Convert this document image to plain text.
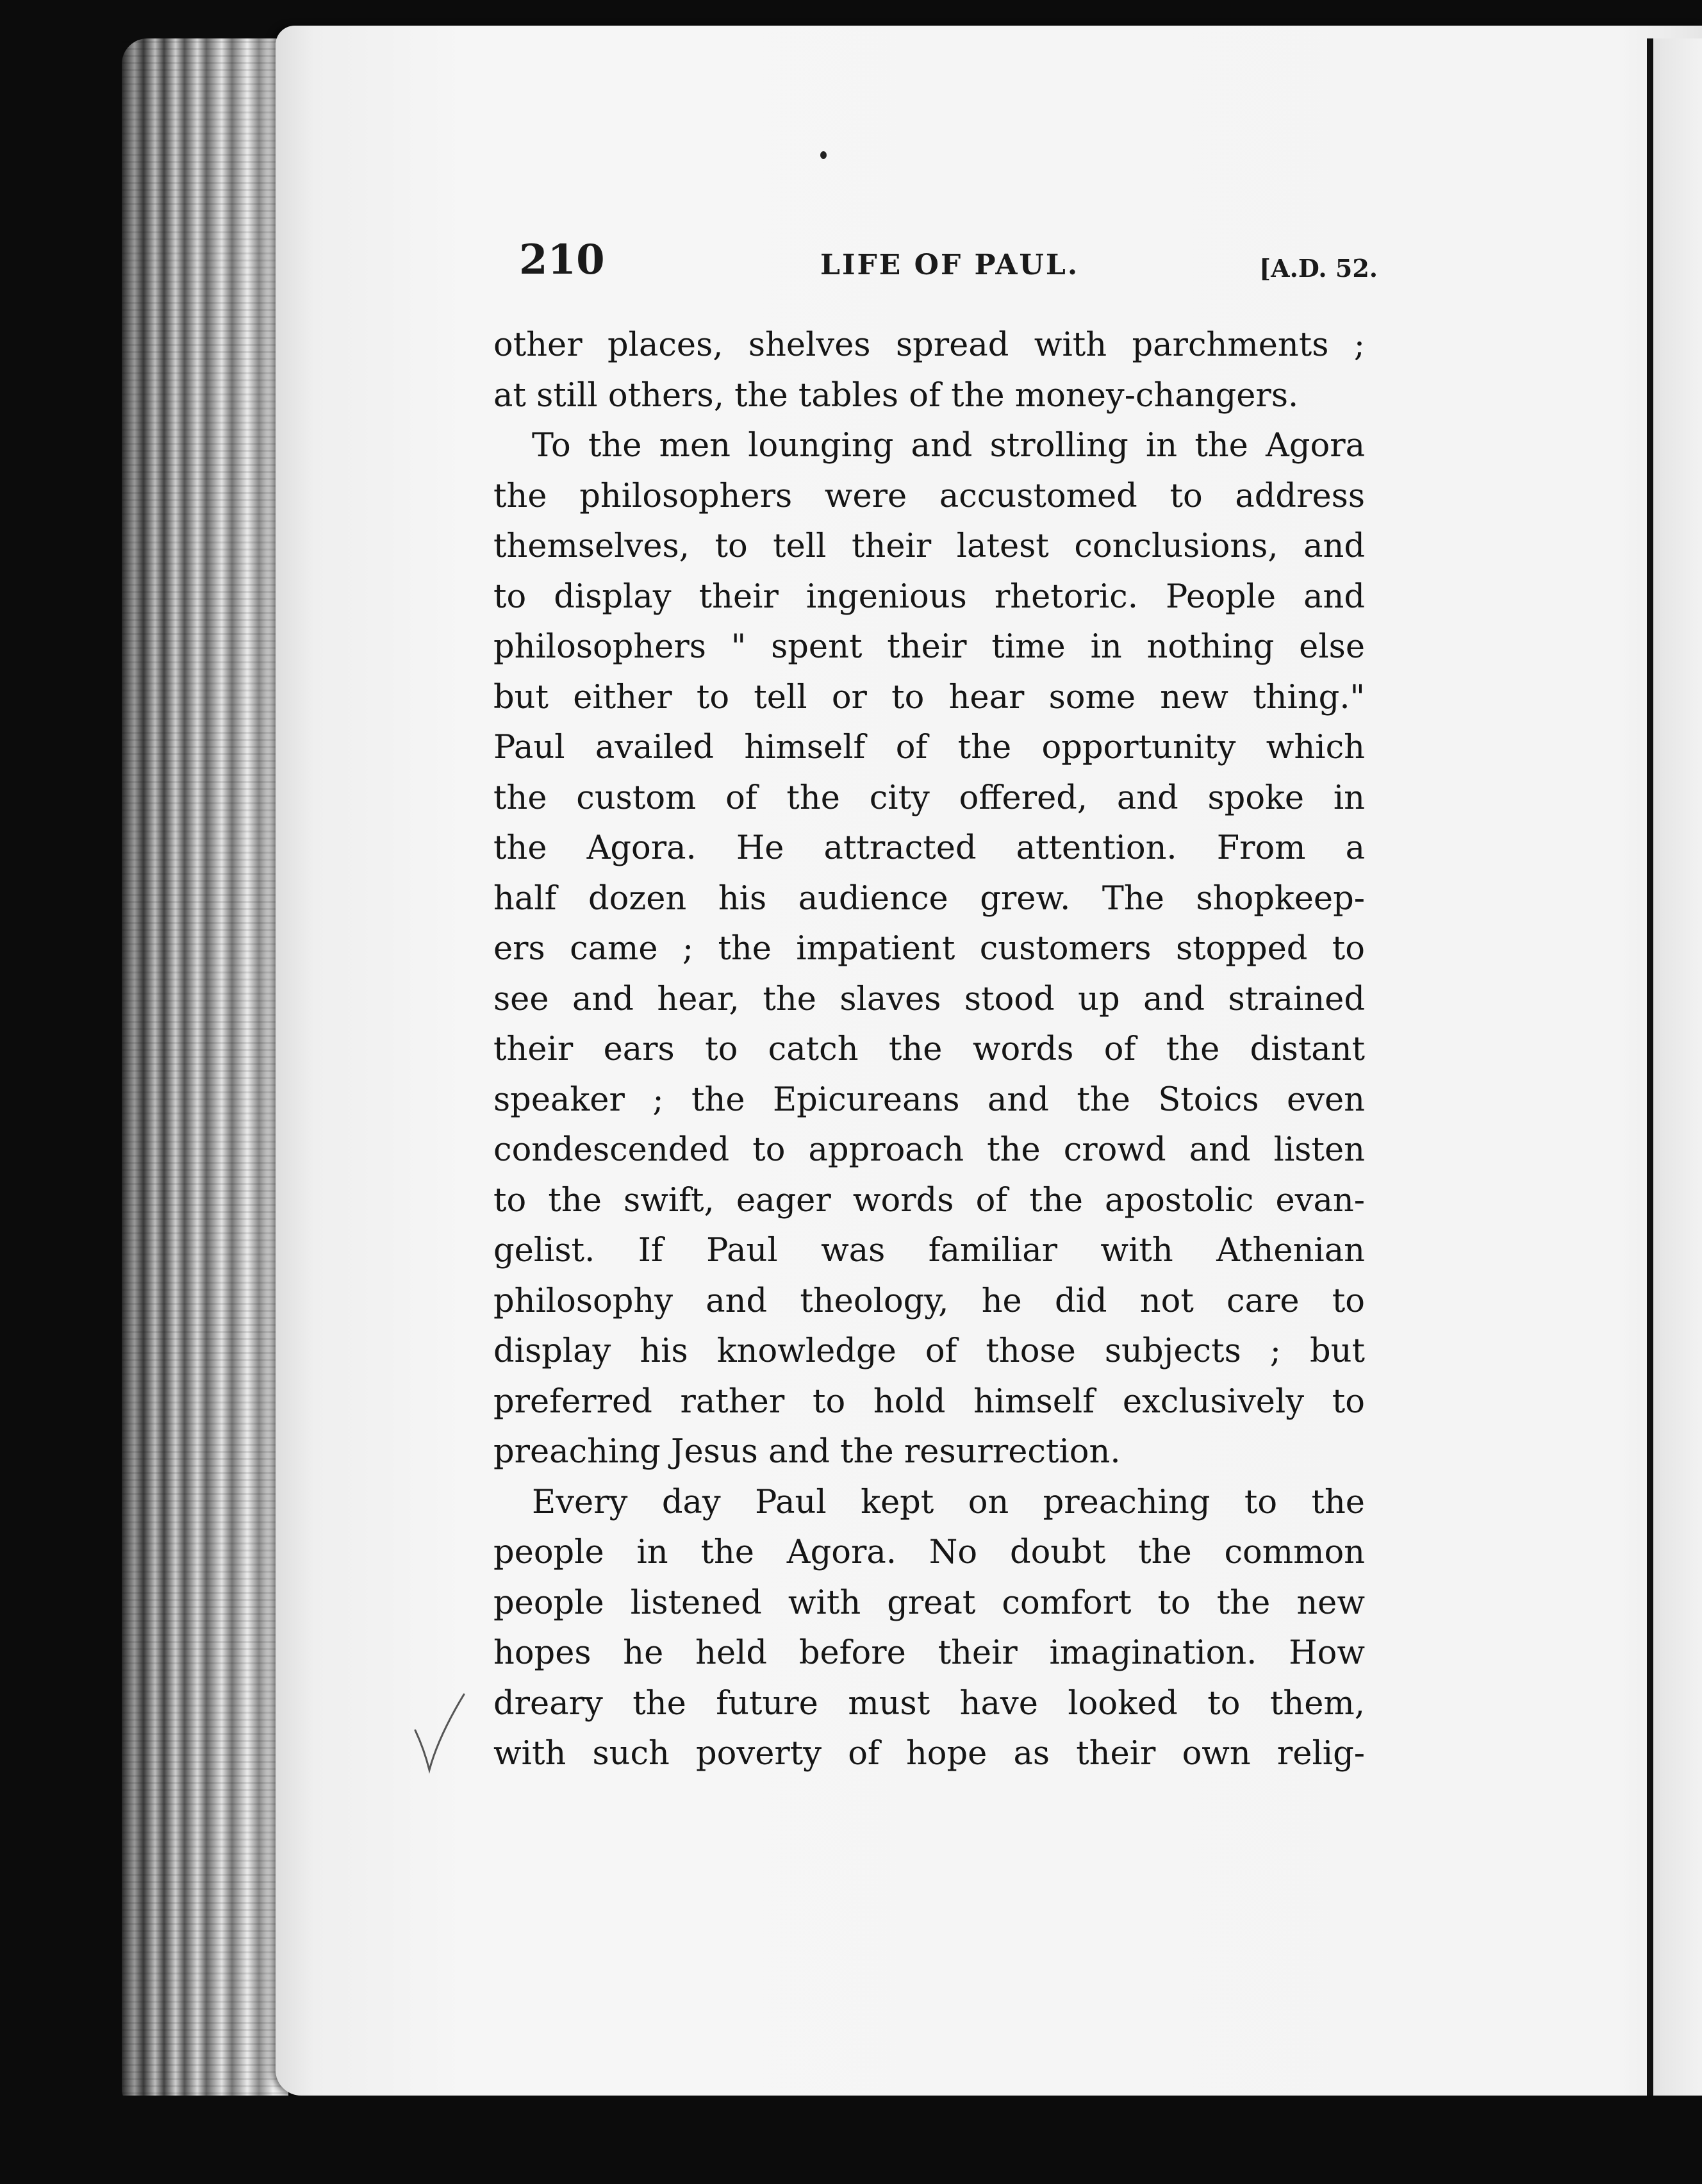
210	LIFE OF PAUL.	[A.D. 52.
other places, shelves spread with parchments ;
at still others, the tables of the money-changers.
To the men lounging and strolling in the Agora
the philosophers were accustomed to address
themselves, to tell their latest conclusions, and
to display their ingenious rhetoric. People and
philosophers " spent their time in nothing else
but either to tell or to hear some new thing."
Paul availed himself of the opportunity which
the custom of the city offered, and spoke in
the Agora. He attracted attention. From a
half dozen his audience grew. The shopkeep-
ers came ; the impatient customers stopped to
see and hear, the slaves stood up and strained
their ears to catch the words of the distant
speaker ; the Epicureans and the Stoics even
condescended to approach the crowd and listen
to the swift, eager words of the apostolic evan-
gelist. If Paul was familiar with Athenian
philosophy and theology, he did not care to
display his knowledge of those subjects ; but
preferred rather to hold himself exclusively to
preaching Jesus and the resurrection.
Every day Paul kept on preaching to the
people in the Agora. No doubt the common
people listened with great comfort to the new
hopes he held before their imagination. How
dreary the future must have looked to them,
with such poverty of hope as their own relig-
